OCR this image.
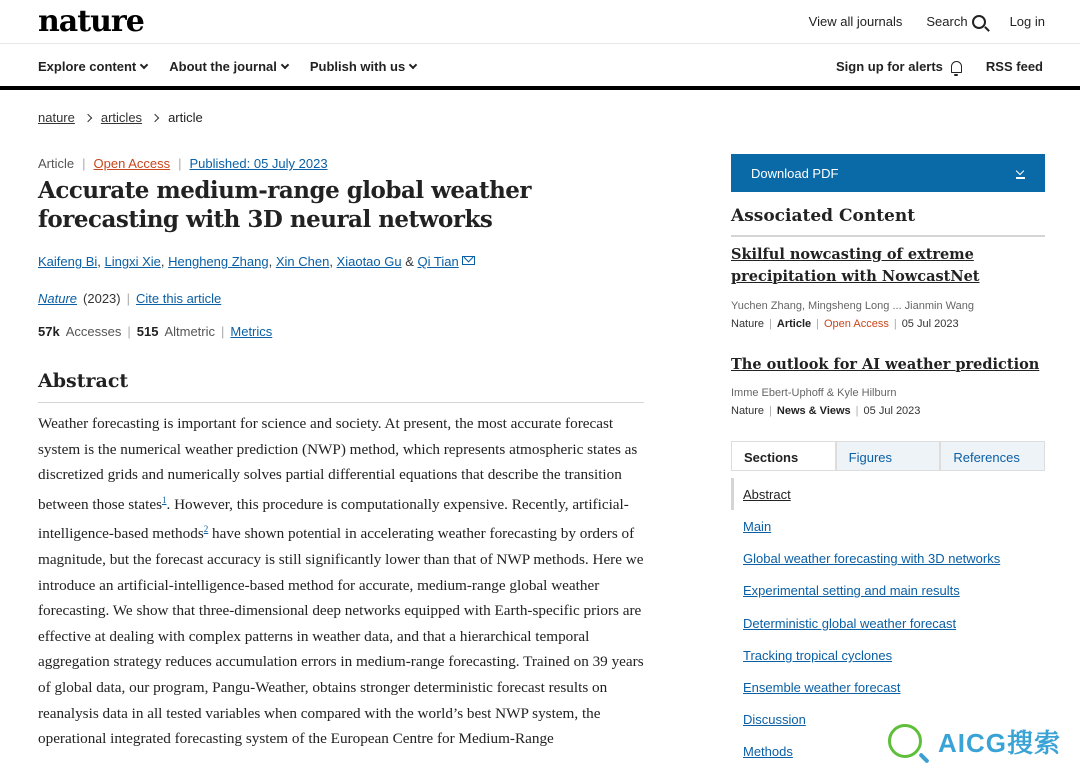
nature	View all journals Search	Log in
Explore content	About the journal	Publish with us	Sign up for alerts	RSS feed
nature articles article
Article | Open Access | Published: 05 July 2023
Accurate medium-range global weather forecasting with 3D neural networks
Kaifeng Bi, Lingxi Xie, Hengheng Zhang, Xin Chen, Xiaotao Gu & Qi Tian
Nature (2023) | Cite this article
57k Accesses | 515 Altmetric | Metrics
Abstract

Weather forecasting is important for science and society. At present, the most accurate forecast system is the numerical weather prediction (NWP) method, which represents atmospheric states as discretized grids and numerically solves partial differential equations that describe the transition between those states$^1$. However, this procedure is computationally expensive. Recently, artificial-intelligence-based methods$^2$ have shown potential in accelerating weather forecasting by orders of magnitude, but the forecast accuracy is still significantly lower than that of NWP methods. Here we introduce an artificial-intelligence-based method for accurate, medium-range global weather forecasting. We show that three-dimensional deep networks equipped with Earth-specific priors are effective at dealing with complex patterns in weather data, and that a hierarchical temporal aggregation strategy reduces accumulation errors in medium-range forecasting. Trained on 39 years of global data, our program, Pangu-Weather, obtains stronger deterministic forecast results on reanalysis data in all tested variables when compared with the world’s best NWP system, the operational integrated forecasting system of the European Centre for Medium-Range

Download PDF
Associated Content
Skilful nowcasting of extreme precipitation with NowcastNet
Yuchen Zhang, Mingsheng Long ... Jianmin Wang
Nature | Article | Open Access | 05 Jul 2023
The outlook for AI weather prediction
Imme Ebert-Uphoff & Kyle Hilburn
Nature | News & Views | 05 Jul 2023
Sections	Figures	References
Abstract
Main
Global weather forecasting with 3D networks
Experimental setting and main results
Deterministic global weather forecast
Tracking tropical cyclones
Ensemble weather forecast
Discussion
Methods	AICG搜索
